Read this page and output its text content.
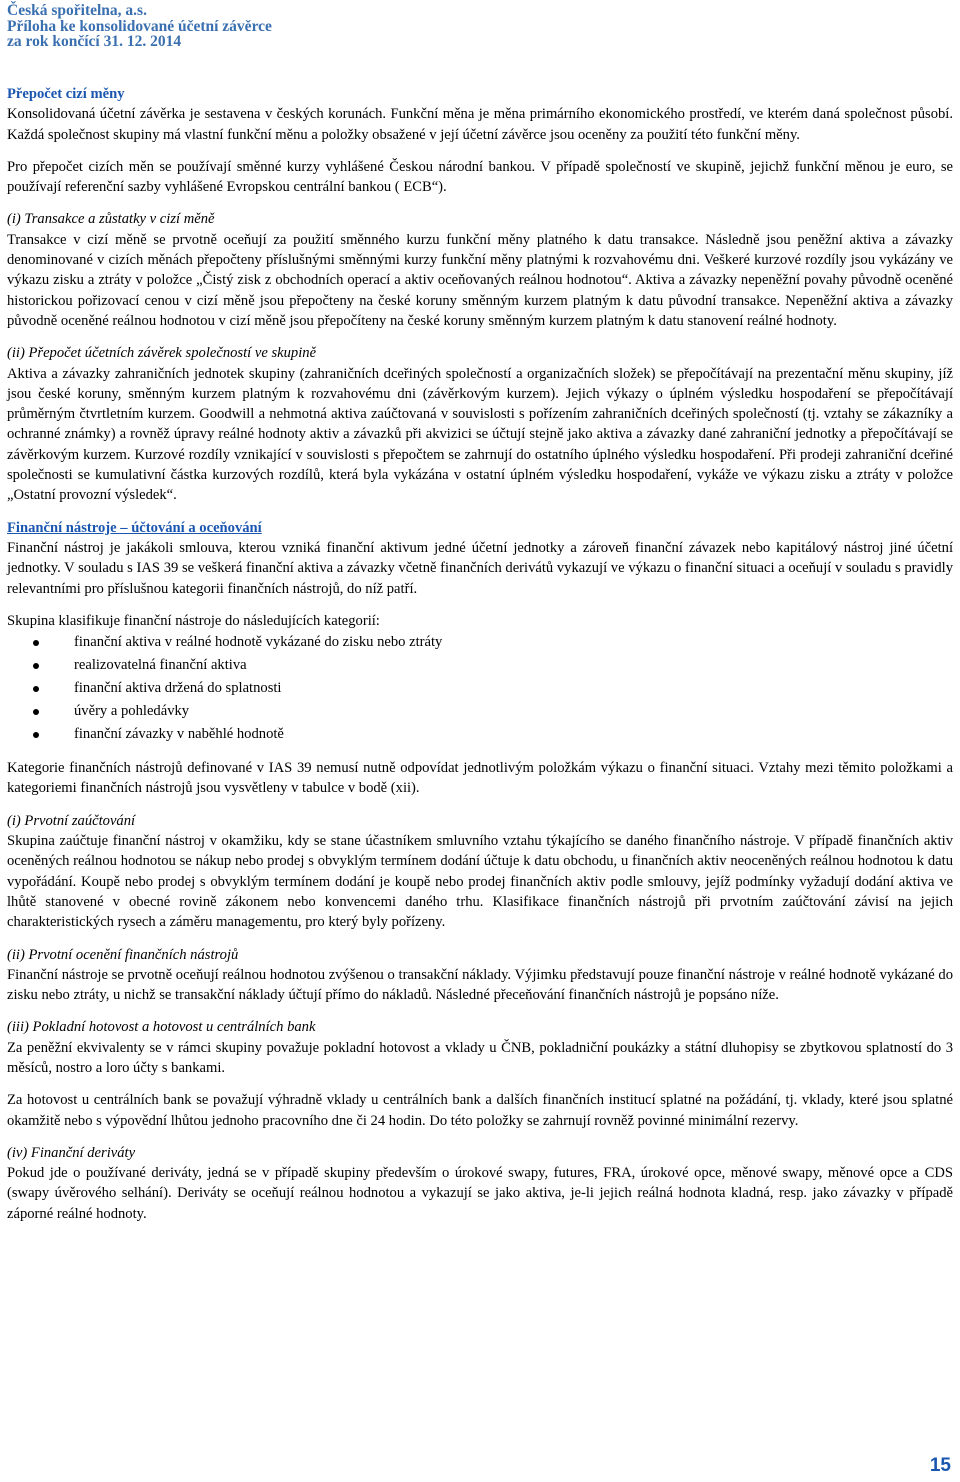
Česká spořitelna, a.s.
Příloha ke konsolidované účetní závěrce
za rok končící 31. 12. 2014
Přepočet cizí měny

Konsolidovaná účetní závěrka je sestavena v českých korunách. Funkční měna je měna primárního ekonomického prostředí, ve kterém daná společnost působí. Každá společnost skupiny má vlastní funkční měnu a položky obsažené v její účetní závěrce jsou oceněny za použití této funkční měny.

Pro přepočet cizích měn se používají směnné kurzy vyhlášené Českou národní bankou. V případě společností ve skupině, jejichž funkční měnou je euro, se používají referenční sazby vyhlášené Evropskou centrální bankou ( ECB“).

(i) Transakce a zůstatky v cizí měně

Transakce v cizí měně se prvotně oceňují za použití směnného kurzu funkční měny platného k datu transakce. Následně jsou peněžní aktiva a závazky denominované v cizích měnách přepočteny příslušnými směnnými kurzy funkční měny platnými k rozvahovému dni. Veškeré kurzové rozdíly jsou vykázány ve výkazu zisku a ztráty v položce „Čistý zisk z obchodních operací a aktiv oceňovaných reálnou hodnotou“. Aktiva a závazky nepeněžní povahy původně oceněné historickou pořizovací cenou v cizí měně jsou přepočteny na české koruny směnným kurzem platným k datu původní transakce. Nepeněžní aktiva a závazky původně oceněné reálnou hodnotou v cizí měně jsou přepočíteny na české koruny směnným kurzem platným k datu stanovení reálné hodnoty.

(ii) Přepočet účetních závěrek společností ve skupině

Aktiva a závazky zahraničních jednotek skupiny (zahraničních dceřiných společností a organizačních složek) se přepočítávají na prezentační měnu skupiny, jíž jsou české koruny, směnným kurzem platným k rozvahovému dni (závěrkovým kurzem). Jejich výkazy o úplném výsledku hospodaření se přepočítávají průměrným čtvrtletním kurzem. Goodwill a nehmotná aktiva zaúčtovaná v souvislosti s pořízením zahraničních dceřiných společností (tj. vztahy se zákazníky a ochranné známky) a rovněž úpravy reálné hodnoty aktiv a závazků při akvizici se účtují stejně jako aktiva a závazky dané zahraniční jednotky a přepočítávají se závěrkovým kurzem. Kurzové rozdíly vznikající v souvislosti s přepočtem se zahrnují do ostatního úplného výsledku hospodaření. Při prodeji zahraniční dceřiné společnosti se kumulativní částka kurzových rozdílů, která byla vykázána v ostatní úplném výsledku hospodaření, vykáže ve výkazu zisku a ztráty v položce „Ostatní provozní výsledek“.

Finanční nástroje – účtování a oceňování

Finanční nástroj je jakákoli smlouva, kterou vzniká finanční aktivum jedné účetní jednotky a zároveň finanční závazek nebo kapitálový nástroj jiné účetní jednotky. V souladu s IAS 39 se veškerá finanční aktiva a závazky včetně finančních derivátů vykazují ve výkazu o finanční situaci a oceňují v souladu s pravidly relevantními pro příslušnou kategorii finančních nástrojů, do níž patří.

Skupina klasifikuje finanční nástroje do následujících kategorií:

finanční aktiva v reálné hodnotě vykázané do zisku nebo ztráty
realizovatelná finanční aktiva
finanční aktiva držená do splatnosti
úvěry a pohledávky
finanční závazky v naběhlé hodnotě

Kategorie finančních nástrojů definované v IAS 39 nemusí nutně odpovídat jednotlivým položkám výkazu o finanční situaci. Vztahy mezi těmito položkami a kategoriemi finančních nástrojů jsou vysvětleny v tabulce v bodě (xii).

(i) Prvotní zaúčtování

Skupina zaúčtuje finanční nástroj v okamžiku, kdy se stane účastníkem smluvního vztahu týkajícího se daného finančního nástroje. V případě finančních aktiv oceněných reálnou hodnotou se nákup nebo prodej s obvyklým termínem dodání účtuje k datu obchodu, u finančních aktiv neoceněných reálnou hodnotou k datu vypořádání. Koupě nebo prodej s obvyklým termínem dodání je koupě nebo prodej finančních aktiv podle smlouvy, jejíž podmínky vyžadují dodání aktiva ve lhůtě stanovené v obecné rovině zákonem nebo konvencemi daného trhu. Klasifikace finančních nástrojů při prvotním zaúčtování závisí na jejich charakteristických rysech a záměru managementu, pro který byly pořízeny.

(ii) Prvotní ocenění finančních nástrojů

Finanční nástroje se prvotně oceňují reálnou hodnotou zvýšenou o transakční náklady. Výjimku představují pouze finanční nástroje v reálné hodnotě vykázané do zisku nebo ztráty, u nichž se transakční náklady účtují přímo do nákladů. Následné přeceňování finančních nástrojů je popsáno níže.

(iii) Pokladní hotovost a hotovost u centrálních bank

Za peněžní ekvivalenty se v rámci skupiny považuje pokladní hotovost a vklady u ČNB, pokladniční poukázky a státní dluhopisy se zbytkovou splatností do 3 měsíců, nostro a loro účty s bankami.

Za hotovost u centrálních bank se považují výhradně vklady u centrálních bank a dalších finančních institucí splatné na požádání, tj. vklady, které jsou splatné okamžitě nebo s výpovědní lhůtou jednoho pracovního dne či 24 hodin. Do této položky se zahrnují rovněž povinné minimální rezervy.

(iv) Finanční deriváty

Pokud jde o používané deriváty, jedná se v případě skupiny především o úrokové swapy, futures, FRA, úrokové opce, měnové swapy, měnové opce a CDS (swapy úvěrového selhání). Deriváty se oceňují reálnou hodnotou a vykazují se jako aktiva, je-li jejich reálná hodnota kladná, resp. jako závazky v případě záporné reálné hodnoty.

15
